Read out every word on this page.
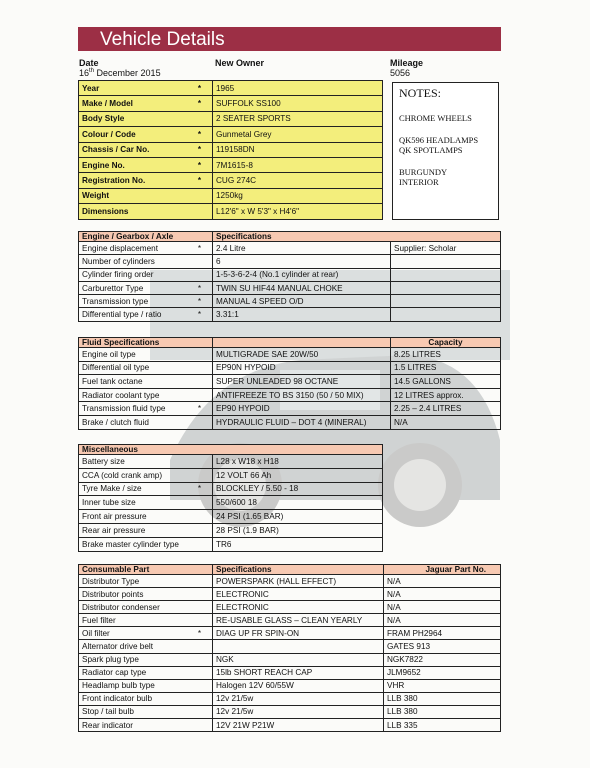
Vehicle Details
Date
16th December 2015
New Owner	Mileage
5056
Year *	1965
Make / Model *	SUFFOLK SS100
Body Style	2 SEATER SPORTS
Colour / Code *	Gunmetal Grey
Chassis / Car No. *	119158DN
Engine No. *	7M1615-8
Registration No. *	CUG 274C
Weight	1250kg
Dimensions	L12'6" x W 5'3" x H4'6"
NOTES:
CHROME WHEELS
QK596 HEADLAMPS
QK SPOTLAMPS
BURGUNDY
INTERIOR
Engine / Gearbox / Axle	Specifications	
Engine displacement *	2.4 Litre	Supplier: Scholar
Number of cylinders	6	
Cylinder firing order	1-5-3-6-2-4 (No.1 cylinder at rear)	
Carburettor Type *	TWIN SU HIF44 MANUAL CHOKE	
Transmission type *	MANUAL 4 SPEED O/D	
Differential type / ratio *	3.31:1	
Fluid Specifications		Capacity
Engine oil type	MULTIGRADE SAE 20W/50	8.25 LITRES
Differential oil type	EP90N HYPOID	1.5 LITRES
Fuel tank octane	SUPER UNLEADED 98 OCTANE	14.5 GALLONS
Radiator coolant type	ANTIFREEZE TO BS 3150 (50 / 50 MIX)	12 LITRES approx.
Transmission fluid type *	EP90 HYPOID	2.25 – 2.4 LITRES
Brake / clutch fluid	HYDRAULIC FLUID – DOT 4 (MINERAL)	N/A
Miscellaneous	
Battery size	L28 x W18 x H18
CCA (cold crank amp)	12 VOLT 66 Ah
Tyre Make / size *	BLOCKLEY / 5.50 - 18
Inner tube size	550/600 18
Front air pressure	24 PSI (1.65 BAR)
Rear air pressure	28 PSI (1.9 BAR)
Brake master cylinder type	TR6
Consumable Part	Specifications	Jaguar Part No.
Distributor Type	POWERSPARK (HALL EFFECT)	N/A
Distributor points	ELECTRONIC	N/A
Distributor condenser	ELECTRONIC	N/A
Fuel filter	RE-USABLE GLASS – CLEAN YEARLY	N/A
Oil filter *	DIAG UP FR SPIN-ON	FRAM PH2964
Alternator drive belt		GATES 913
Spark plug type	NGK	NGK7822
Radiator cap type	15lb SHORT REACH CAP	JLM9652
Headlamp bulb type	Halogen 12V 60/55W	VHR
Front indicator bulb	12v 21/5w	LLB 380
Stop / tail bulb	12v 21/5w	LLB 380
Rear indicator	12V 21W P21W	LLB 335
